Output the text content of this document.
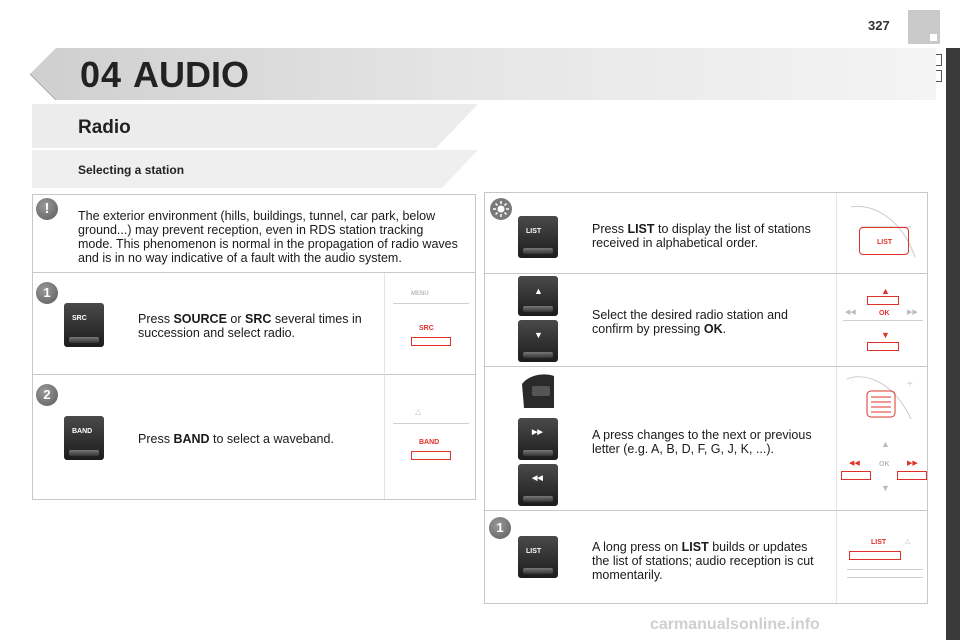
327
04 AUDIO
Radio
Selecting a station
!	The exterior environment (hills, buildings, tunnel, car park, below ground...) may prevent reception, even in RDS station tracking mode. This phenomenon is normal in the propagation of radio waves and is in no way indicative of a fault with the audio system.
1
SRC	Press SOURCE or SRC several times in succession and select radio.
MENU
SRC
2
BAND
Press BAND to select a waveband.
△
BAND
LIST	Press LIST to display the list of stations received in alphabetical order.	LIST
▲
▼
Select the desired radio station and confirm by pressing OK.
▲
◀◀	OK	▶▶
▼
▶▶
◀◀
A press changes to the next or previous letter (e.g. A, B, D, F, G, J, K, ...).
+
▲
◀◀	OK	▶▶
▼
1
LIST	A long press on LIST builds or updates the list of stations; audio reception is cut momentarily.
LIST	△
carmanualsonline.info
